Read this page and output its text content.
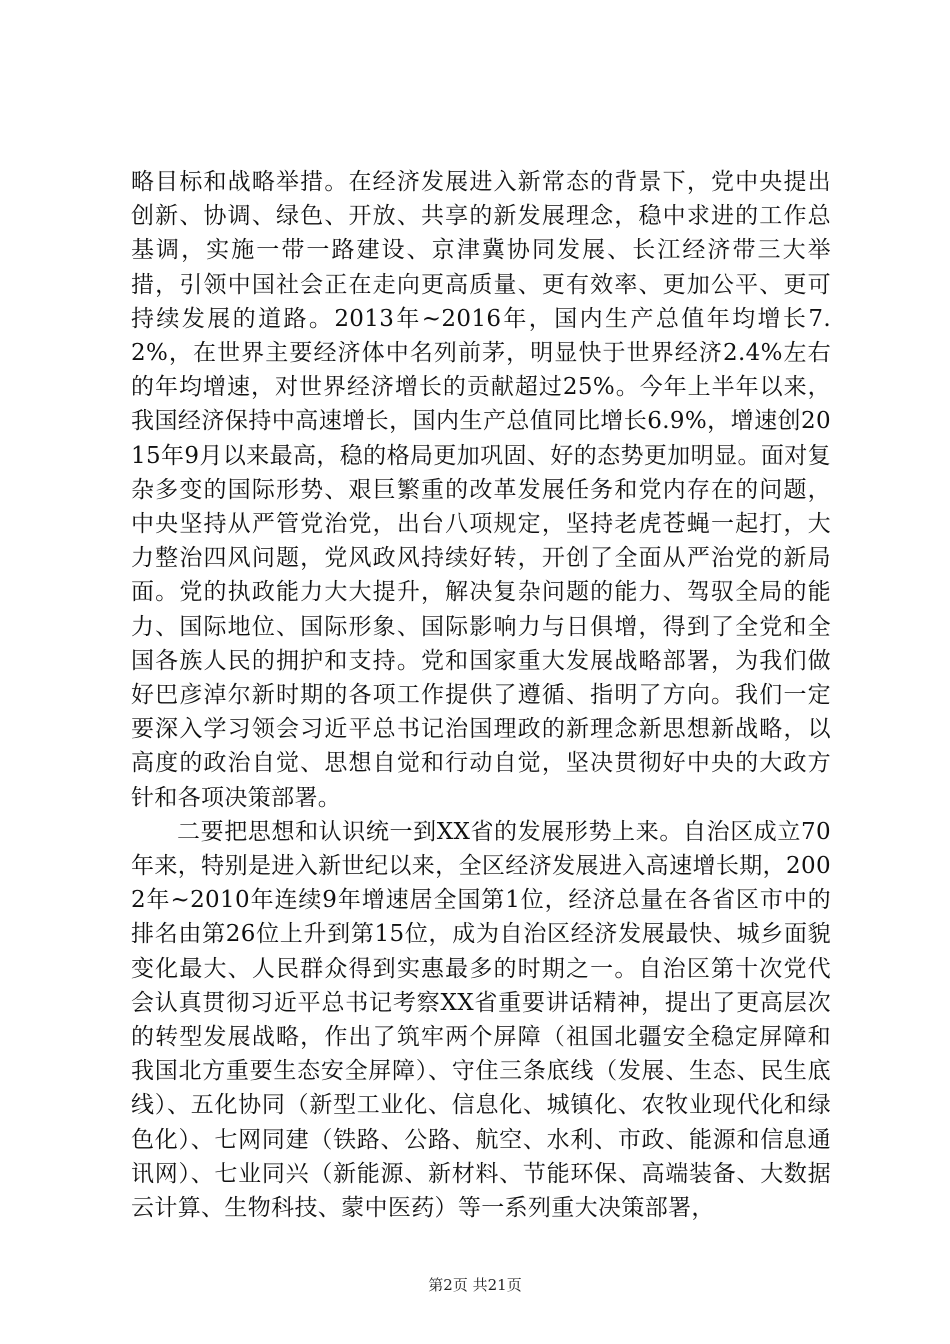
略目标和战略举措。在经济发展进入新常态的背景下，党中央提出创新、协调、绿色、开放、共享的新发展理念，稳中求进的工作总基调，实施一带一路建设、京津冀协同发展、长江经济带三大举措，引领中国社会正在走向更高质量、更有效率、更加公平、更可持续发展的道路。2013年~2016年，国内生产总值年均增长7.2%，在世界主要经济体中名列前茅，明显快于世界经济2.4%左右的年均增速，对世界经济增长的贡献超过25%。今年上半年以来，我国经济保持中高速增长，国内生产总值同比增长6.9%，增速创2015年9月以来最高，稳的格局更加巩固、好的态势更加明显。面对复杂多变的国际形势、艰巨繁重的改革发展任务和党内存在的问题，中央坚持从严管党治党，出台八项规定，坚持老虎苍蝇一起打，大力整治四风问题，党风政风持续好转，开创了全面从严治党的新局面。党的执政能力大大提升，解决复杂问题的能力、驾驭全局的能力、国际地位、国际形象、国际影响力与日俱增，得到了全党和全国各族人民的拥护和支持。党和国家重大发展战略部署，为我们做好巴彦淖尔新时期的各项工作提供了遵循、指明了方向。我们一定要深入学习领会习近平总书记治国理政的新理念新思想新战略，以高度的政治自觉、思想自觉和行动自觉，坚决贯彻好中央的大政方针和各项决策部署。

二要把思想和认识统一到XX省的发展形势上来。自治区成立70年来，特别是进入新世纪以来，全区经济发展进入高速增长期，2002年~2010年连续9年增速居全国第1位，经济总量在各省区市中的排名由第26位上升到第15位，成为自治区经济发展最快、城乡面貌变化最大、人民群众得到实惠最多的时期之一。自治区第十次党代会认真贯彻习近平总书记考察XX省重要讲话精神，提出了更高层次的转型发展战略，作出了筑牢两个屏障（祖国北疆安全稳定屏障和我国北方重要生态安全屏障）、守住三条底线（发展、生态、民生底线）、五化协同（新型工业化、信息化、城镇化、农牧业现代化和绿色化）、七网同建（铁路、公路、航空、水利、市政、能源和信息通讯网）、七业同兴（新能源、新材料、节能环保、高端装备、大数据云计算、生物科技、蒙中医药）等一系列重大决策部署，

第2页 共21页
